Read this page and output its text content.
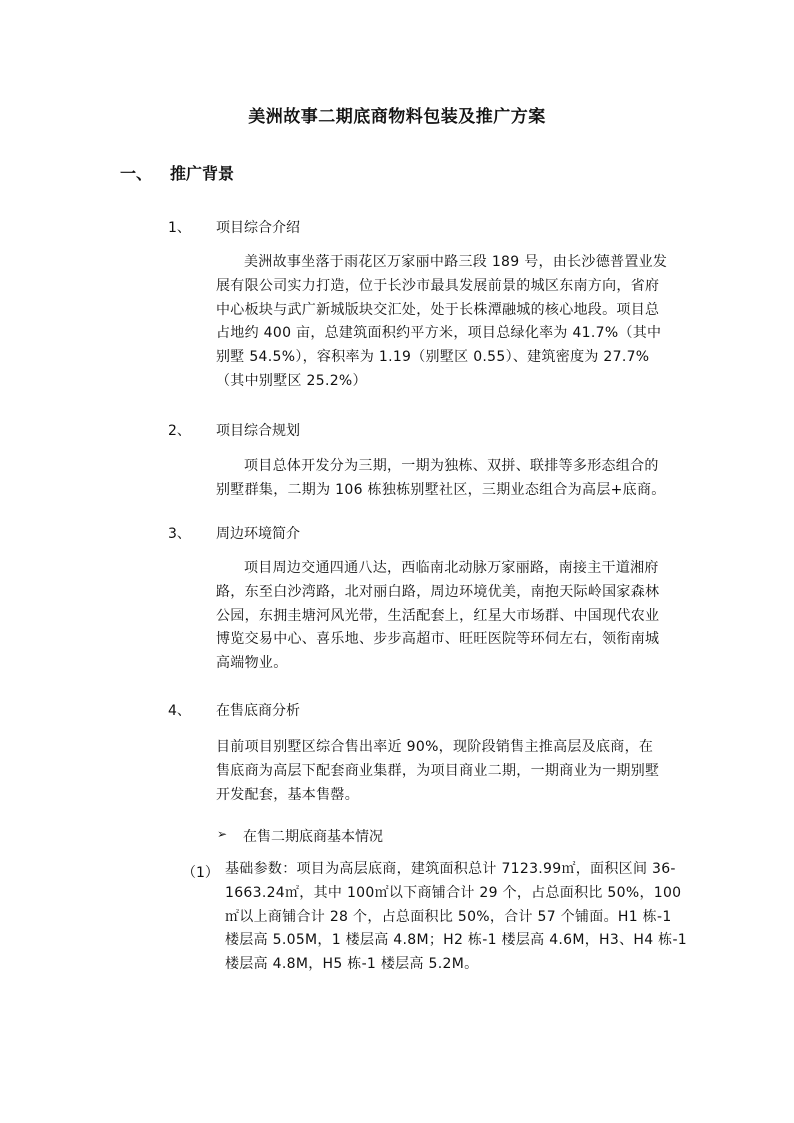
美洲故事二期底商物料包装及推广方案
一、 推广背景
1、 项目综合介绍
美洲故事坐落于雨花区万家丽中路三段 189 号，由长沙德普置业发
展有限公司实力打造，位于长沙市最具发展前景的城区东南方向，省府
中心板块与武广新城版块交汇处，处于长株潭融城的核心地段。项目总
占地约 400 亩，总建筑面积约平方米，项目总绿化率为 41.7%（其中
别墅 54.5%），容积率为 1.19（别墅区 0.55）、建筑密度为 27.7%
（其中别墅区 25.2%）
2、 项目综合规划
项目总体开发分为三期，一期为独栋、双拼、联排等多形态组合的
别墅群集，二期为 106 栋独栋别墅社区，三期业态组合为高层+底商。
3、 周边环境简介
项目周边交通四通八达，西临南北动脉万家丽路，南接主干道湘府
路，东至白沙湾路，北对丽白路，周边环境优美，南抱天际岭国家森林
公园，东拥圭塘河风光带，生活配套上，红星大市场群、中国现代农业
博览交易中心、喜乐地、步步高超市、旺旺医院等环伺左右，领衔南城
高端物业。
4、 在售底商分析
目前项目别墅区综合售出率近 90%，现阶段销售主推高层及底商，在
售底商为高层下配套商业集群，为项目商业二期，一期商业为一期别墅
开发配套，基本售罄。
➢ 在售二期底商基本情况
（1） 基础参数：项目为高层底商，建筑面积总计 7123.99㎡，面积区间 36-
1663.24㎡，其中 100㎡以下商铺合计 29 个，占总面积比 50%，100
㎡以上商铺合计 28 个，占总面积比 50%，合计 57 个铺面。H1 栋-1
楼层高 5.05M，1 楼层高 4.8M；H2 栋-1 楼层高 4.6M，H3、H4 栋-1
楼层高 4.8M，H5 栋-1 楼层高 5.2M。
